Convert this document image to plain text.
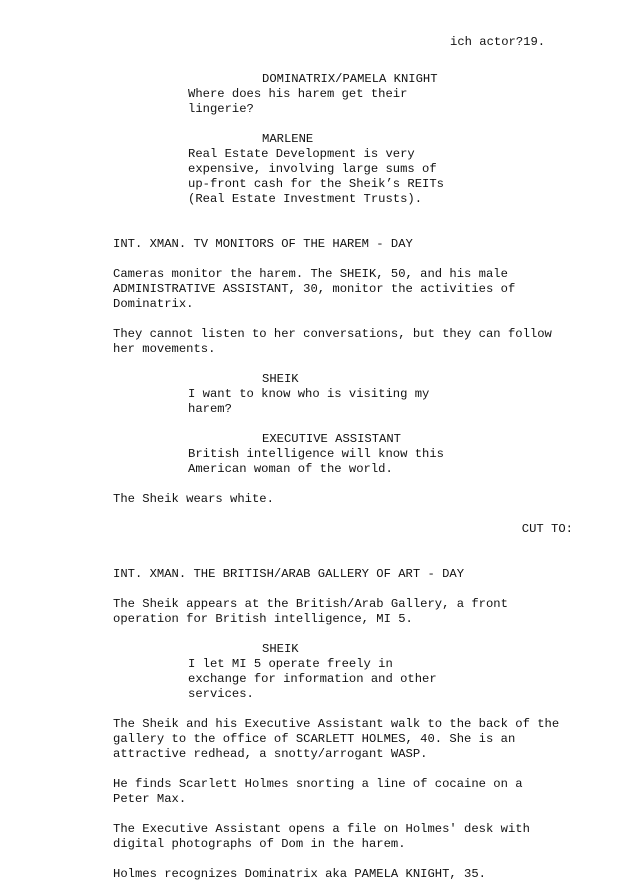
ich actor?19.
DOMINATRIX/PAMELA KNIGHT
Where does his harem get their
lingerie?
MARLENE
Real Estate Development is very
expensive, involving large sums of
up-front cash for the Sheik’s REITs
(Real Estate Investment Trusts).
INT. XMAN. TV MONITORS OF THE HAREM - DAY
Cameras monitor the harem. The SHEIK, 50, and his male
ADMINISTRATIVE ASSISTANT, 30, monitor the activities of
Dominatrix.
They cannot listen to her conversations, but they can follow
her movements.
SHEIK
I want to know who is visiting my
harem?
EXECUTIVE ASSISTANT
British intelligence will know this
American woman of the world.
The Sheik wears white.
CUT TO:
INT. XMAN. THE BRITISH/ARAB GALLERY OF ART - DAY
The Sheik appears at the British/Arab Gallery, a front
operation for British intelligence, MI 5.
SHEIK
I let MI 5 operate freely in
exchange for information and other
services.
The Sheik and his Executive Assistant walk to the back of the
gallery to the office of SCARLETT HOLMES, 40. She is an
attractive redhead, a snotty/arrogant WASP.
He finds Scarlett Holmes snorting a line of cocaine on a
Peter Max.
The Executive Assistant opens a file on Holmes' desk with
digital photographs of Dom in the harem.
Holmes recognizes Dominatrix aka PAMELA KNIGHT, 35.
